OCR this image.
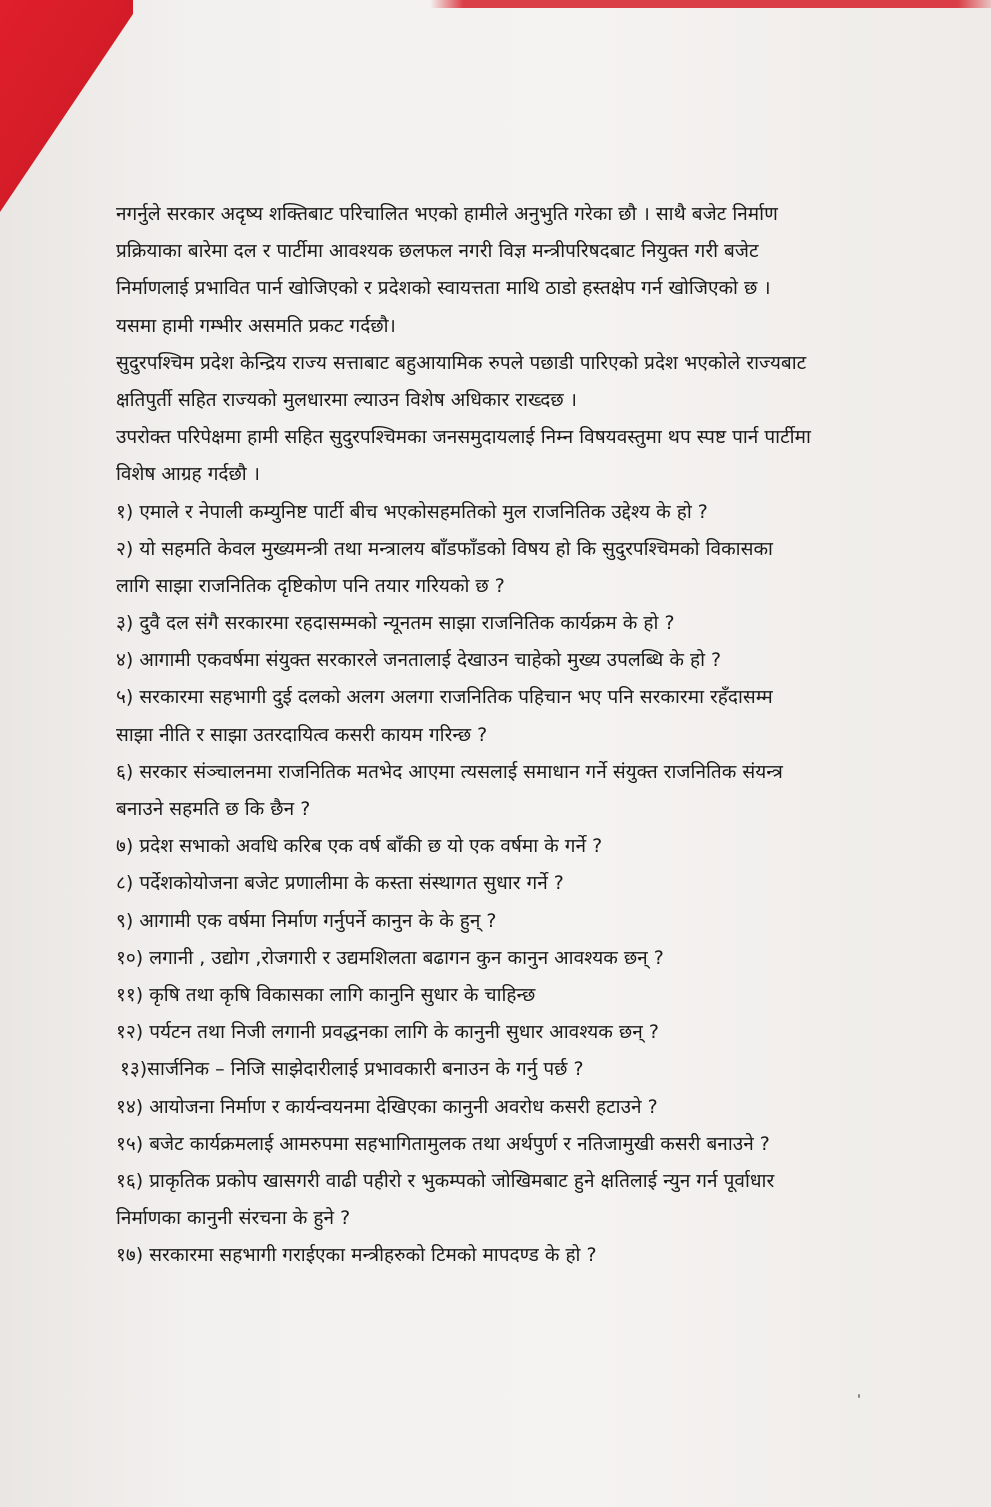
नगर्नुले सरकार अदृष्य शक्तिबाट परिचालित भएको हामीले अनुभुति गरेका छौ । साथै बजेट निर्माण
प्रक्रियाका बारेमा दल र पार्टीमा आवश्यक छलफल नगरी विज्ञ मन्त्रीपरिषदबाट नियुक्त गरी बजेट
निर्माणलाई प्रभावित पार्न खोजिएको र प्रदेशको स्वायत्तता माथि ठाडो हस्तक्षेप गर्न खोजिएको छ ।
यसमा हामी गम्भीर असमति प्रकट गर्दछौ।
सुदुरपश्चिम प्रदेश केन्द्रिय राज्य सत्ताबाट बहुआयामिक रुपले पछाडी पारिएको प्रदेश भएकोले राज्यबाट
क्षतिपुर्ती सहित राज्यको मुलधारमा ल्याउन विशेष अधिकार राख्दछ ।
उपरोक्त परिपेक्षमा हामी सहित सुदुरपश्चिमका जनसमुदायलाई निम्न विषयवस्तुमा थप स्पष्ट पार्न पार्टीमा
विशेष आग्रह गर्दछौ ।
१) एमाले र नेपाली कम्युनिष्ट पार्टी बीच भएकोसहमतिको मुल राजनितिक उद्देश्य के हो ?
२) यो सहमति केवल मुख्यमन्त्री तथा मन्त्रालय बाँडफाँडको विषय हो कि सुदुरपश्चिमको विकासका
लागि साझा राजनितिक दृष्टिकोण पनि तयार गरियको छ ?
३) दुवै दल संगै सरकारमा रहदासम्मको न्यूनतम साझा राजनितिक कार्यक्रम के हो ?
४) आगामी एकवर्षमा संयुक्त सरकारले जनतालाई देखाउन चाहेको मुख्य उपलब्धि के हो ?
५) सरकारमा सहभागी दुई दलको अलग अलगा राजनितिक पहिचान भए पनि सरकारमा रहँदासम्म
साझा नीति र साझा उतरदायित्व कसरी कायम गरिन्छ ?
६) सरकार संञ्चालनमा राजनितिक मतभेद आएमा त्यसलाई समाधान गर्ने संयुक्त राजनितिक संयन्त्र
बनाउने सहमति छ कि छैन ?
७) प्रदेश सभाको अवधि करिब एक वर्ष बाँकी छ यो एक वर्षमा के गर्ने ?
८) पर्देशकोयोजना बजेट प्रणालीमा के कस्ता संस्थागत सुधार गर्ने ?
९) आगामी एक वर्षमा निर्माण गर्नुपर्ने कानुन के के हुन् ?
१०) लगानी , उद्योग ,रोजगारी र उद्यमशिलता बढागन कुन कानुन आवश्यक छन् ?
११) कृषि तथा कृषि विकासका लागि कानुनि सुधार के चाहिन्छ
१२) पर्यटन तथा निजी लगानी प्रवद्धनका लागि के कानुनी सुधार आवश्यक छन् ?
१३)सार्जनिक – निजि साझेदारीलाई प्रभावकारी बनाउन के गर्नु पर्छ ?
१४) आयोजना निर्माण र कार्यन्वयनमा देखिएका कानुनी अवरोध कसरी हटाउने ?
१५) बजेट कार्यक्रमलाई आमरुपमा सहभागितामुलक तथा अर्थपुर्ण र नतिजामुखी कसरी बनाउने ?
१६) प्राकृतिक प्रकोप खासगरी वाढी पहीरो र भुकम्पको जोखिमबाट हुने क्षतिलाई न्युन गर्न पूर्वाधार
निर्माणका कानुनी संरचना के हुने ?
१७) सरकारमा सहभागी गराईएका मन्त्रीहरुको टिमको मापदण्ड के हो ?
